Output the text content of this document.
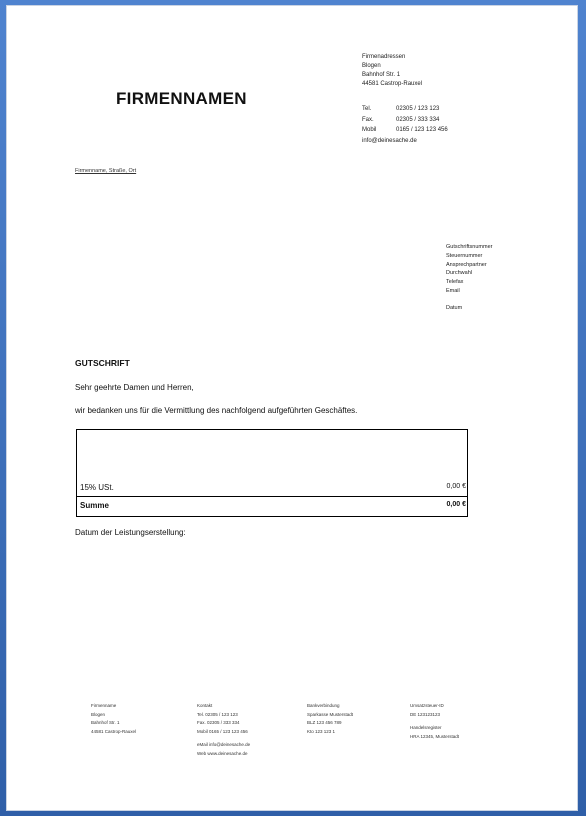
FIRMENNAMEN
Firmenadressen
Blogen
Bahnhof Str. 1
44581 Castrop-Rauxel
Tel.	02305 / 123 123
Fax.	02305 / 333 334
Mobil	0165 / 123 123 456
info@deinesache.de
Firmenname, Straße, Ort
Gutschriftsnummer
Steuernummer
Ansprechpartner
Durchwahl
Telefax
Email
Datum
GUTSCHRIFT
Sehr geehrte Damen und Herren,
wir bedanken uns für die Vermittlung des nachfolgend aufgeführten Geschäftes.
15% USt.	0,00 €
Summe	0,00 €
Datum der Leistungserstellung:
Firmenname
Blogen
Bahnhof Str. 1
44581 Castrop-Rauxel
Kontakt
Tel. 02305 / 123 123
Fax. 02305 / 333 334
Mobil 0165 / 123 123 456
eMail info@deinesache.de
Web www.deinesache.de
Bankverbindung
Sparkasse Musterstadt
BLZ 123 456 789
Kto 123 123 1
Umsatzsteuer-ID
DE 123123123
Handelsregister
HRA 12345, Musterstadt
